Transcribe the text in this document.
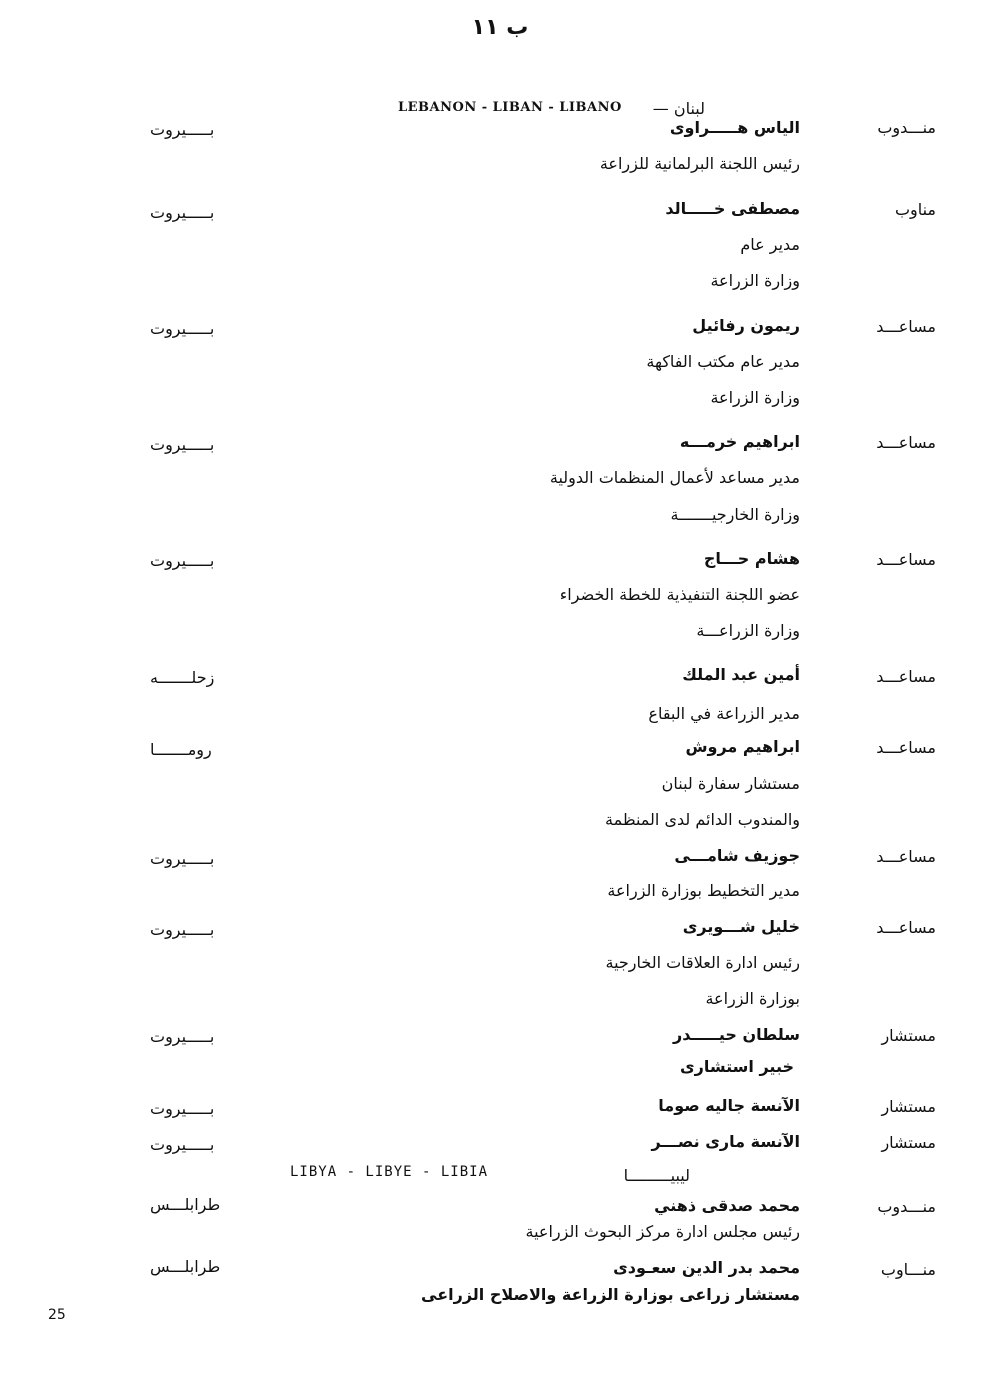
ب ١١
LEBANON - LIBAN - LIBANO	لبنان —
منـــدوب
الياس هـــــراوى
بـــــيروت
رئيس اللجنة البرلمانية للزراعة
مناوب
مصطفى خـــــالد
بـــــيروت
مدير عام
وزارة الزراعة
مساعـــد
ريمون رفائيل
بـــــيروت
مدير عام مكتب الفاكهة
وزارة الزراعة
مساعـــد
ابراهيم خرمـــه
بـــــيروت
مدير مساعد لأعمال المنظمات الدولية
وزارة الخارجيـــــــة
مساعـــد
هشام حـــاج
بـــــيروت
عضو اللجنة التنفيذية للخطة الخضراء
وزارة الزراعـــة
مساعـــد
أمين عبد الملك
زحلـــــــه
مدير الزراعة في البقاع
مساعـــد
ابراهيم مروش
رومـــــــا
مستشار سفارة لبنان
والمندوب الدائم لدى المنظمة
مساعـــد
جوزيف شامـــى
بـــــيروت
مدير التخطيط بوزارة الزراعة
مساعـــد
خليل شـــويرى
بـــــيروت
رئيس ادارة العلاقات الخارجية
بوزارة الزراعة
مستشار
سلطان حيـــــدر
بـــــيروت
خبير استشارى
مستشار
الآنسة جاليه صوما
بـــــيروت
مستشار
الآنسة مارى نصـــر
بـــــيروت
LIBYA - LIBYE - LIBIA	ليبيـــــــــا
منـــدوب
محمد صدقى ذهني
طرابلـــس
رئيس مجلس ادارة مركز البحوث الزراعية
منـــاوب
محمد بدر الدين سعـودى
طرابلـــس
مستشار زراعى بوزارة الزراعة والاصلاح الزراعى
25
